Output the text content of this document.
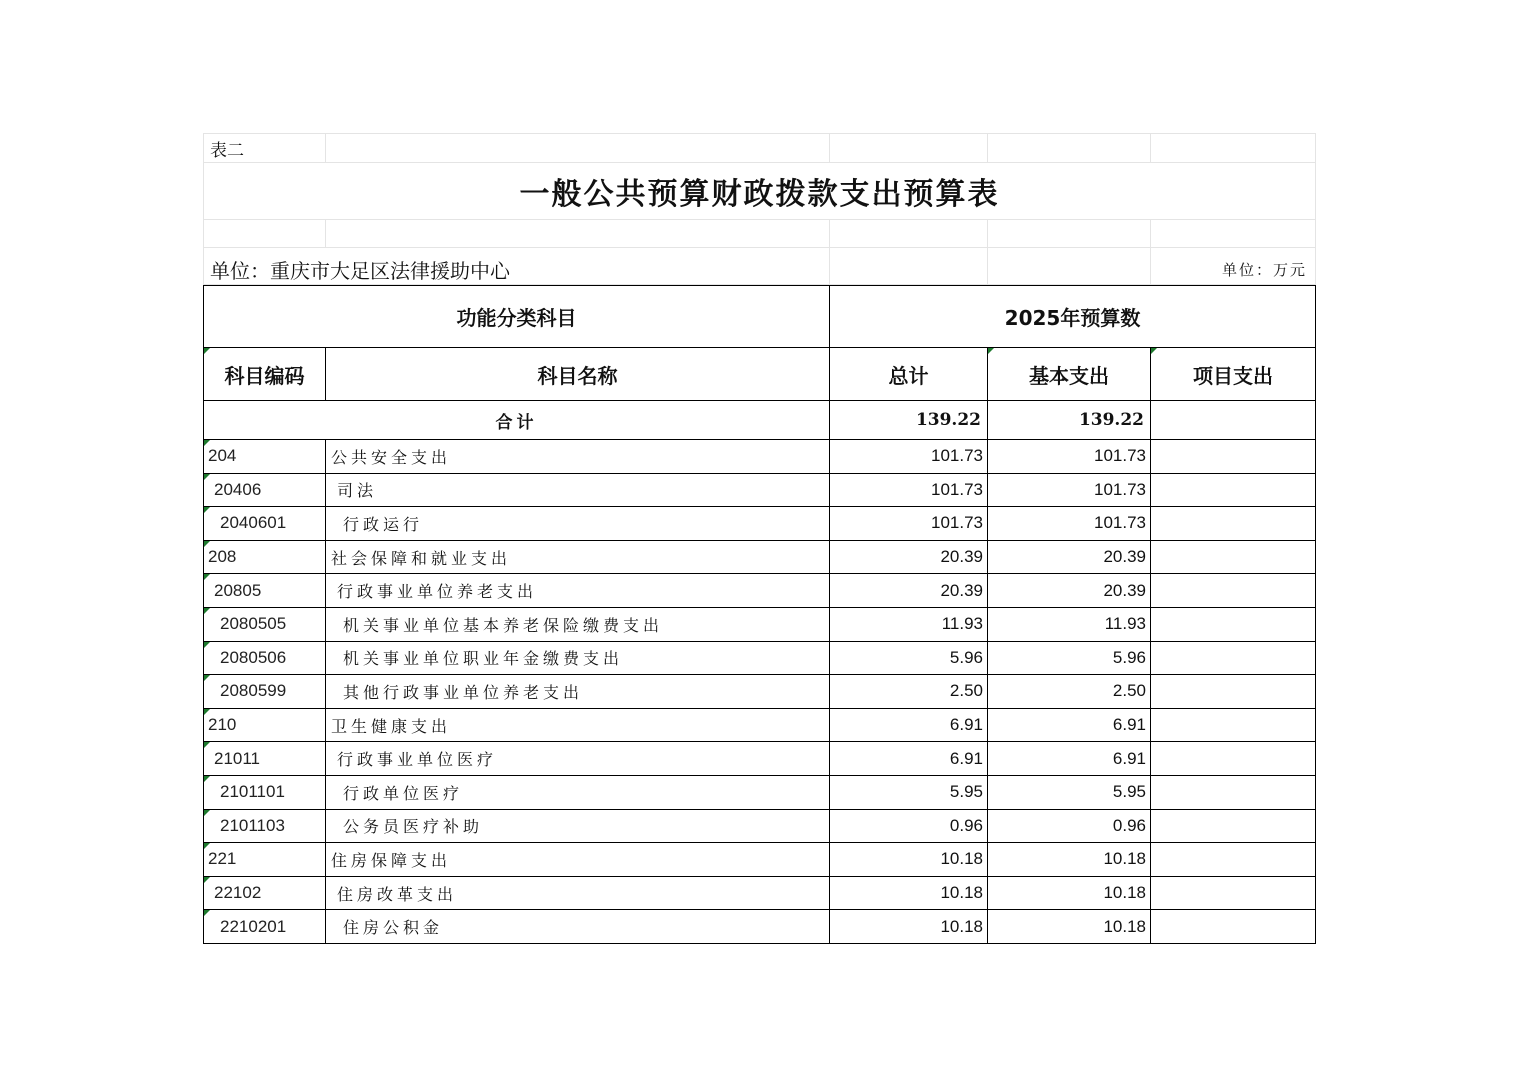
表二				
一般公共预算财政拨款支出预算表				

单位：重庆市大足区法律援助中心				单位：万元
功能分类科目		2025年预算数		
科目编码	科目名称	总计	基本支出	项目支出
合计		139.22	139.22	
204	公共安全支出	101.73	101.73	
20406	司法	101.73	101.73	
2040601	行政运行	101.73	101.73	
208	社会保障和就业支出	20.39	20.39	
20805	行政事业单位养老支出	20.39	20.39	
2080505	机关事业单位基本养老保险缴费支出	11.93	11.93	
2080506	机关事业单位职业年金缴费支出	5.96	5.96	
2080599	其他行政事业单位养老支出	2.50	2.50	
210	卫生健康支出	6.91	6.91	
21011	行政事业单位医疗	6.91	6.91	
2101101	行政单位医疗	5.95	5.95	
2101103	公务员医疗补助	0.96	0.96	
221	住房保障支出	10.18	10.18	
22102	住房改革支出	10.18	10.18	
2210201	住房公积金	10.18	10.18	
